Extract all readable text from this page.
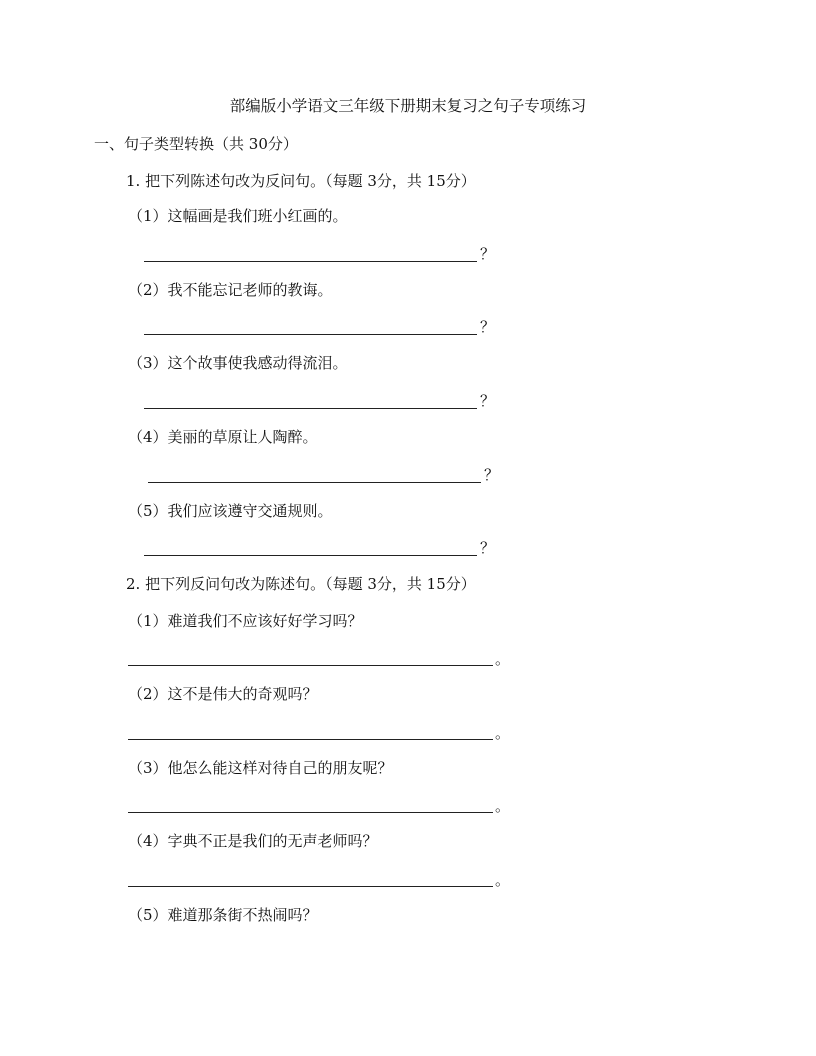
部编版小学语文三年级下册期末复习之句子专项练习
一、句子类型转换（共 30分）
1. 把下列陈述句改为反问句。（每题 3分，共 15分）
（1）这幅画是我们班小红画的。
？
（2）我不能忘记老师的教诲。
？
（3）这个故事使我感动得流泪。
？
（4）美丽的草原让人陶醉。
？
（5）我们应该遵守交通规则。
？
2. 把下列反问句改为陈述句。（每题 3分，共 15分）
（1）难道我们不应该好好学习吗？
。
（2）这不是伟大的奇观吗？
。
（3）他怎么能这样对待自己的朋友呢？
。
（4）字典不正是我们的无声老师吗？
。
（5）难道那条街不热闹吗？
